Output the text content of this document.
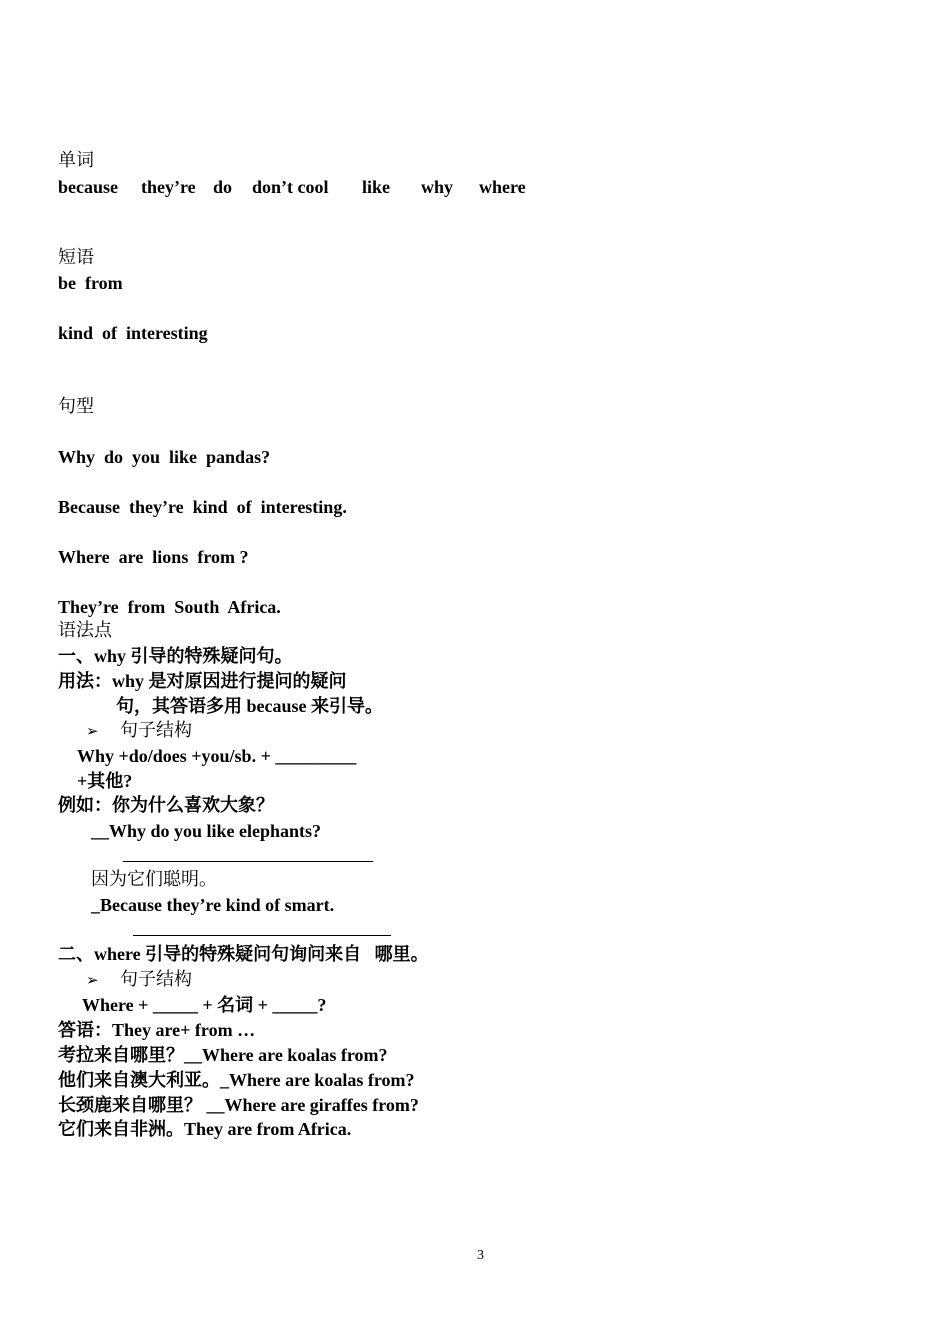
单词
because they’re do don’t cool like why where
短语
be  from
kind  of  interesting
句型
Why  do  you  like  pandas?
Because  they’re  kind  of  interesting.
Where  are  lions  from ?
They’re  from  South  Africa.
语法点
一、why 引导的特殊疑问句。
用法：why 是对原因进行提问的疑问
句，其答语多用 because 来引导。
➢ 句子结构
Why +do/does +you/sb. + _________
+其他?
例如：你为什么喜欢大象？
__Why do you like elephants?
因为它们聪明。
_Because they’re kind of smart.
二、where 引导的特殊疑问句询问来自   哪里。
➢ 句子结构
Where + _____ + 名词 + _____?
答语：They are+ from …
考拉来自哪里？__Where are koalas from?
他们来自澳大利亚。_Where are koalas from?
长颈鹿来自哪里？ __Where are giraffes from?
它们来自非洲。They are from Africa.
3
